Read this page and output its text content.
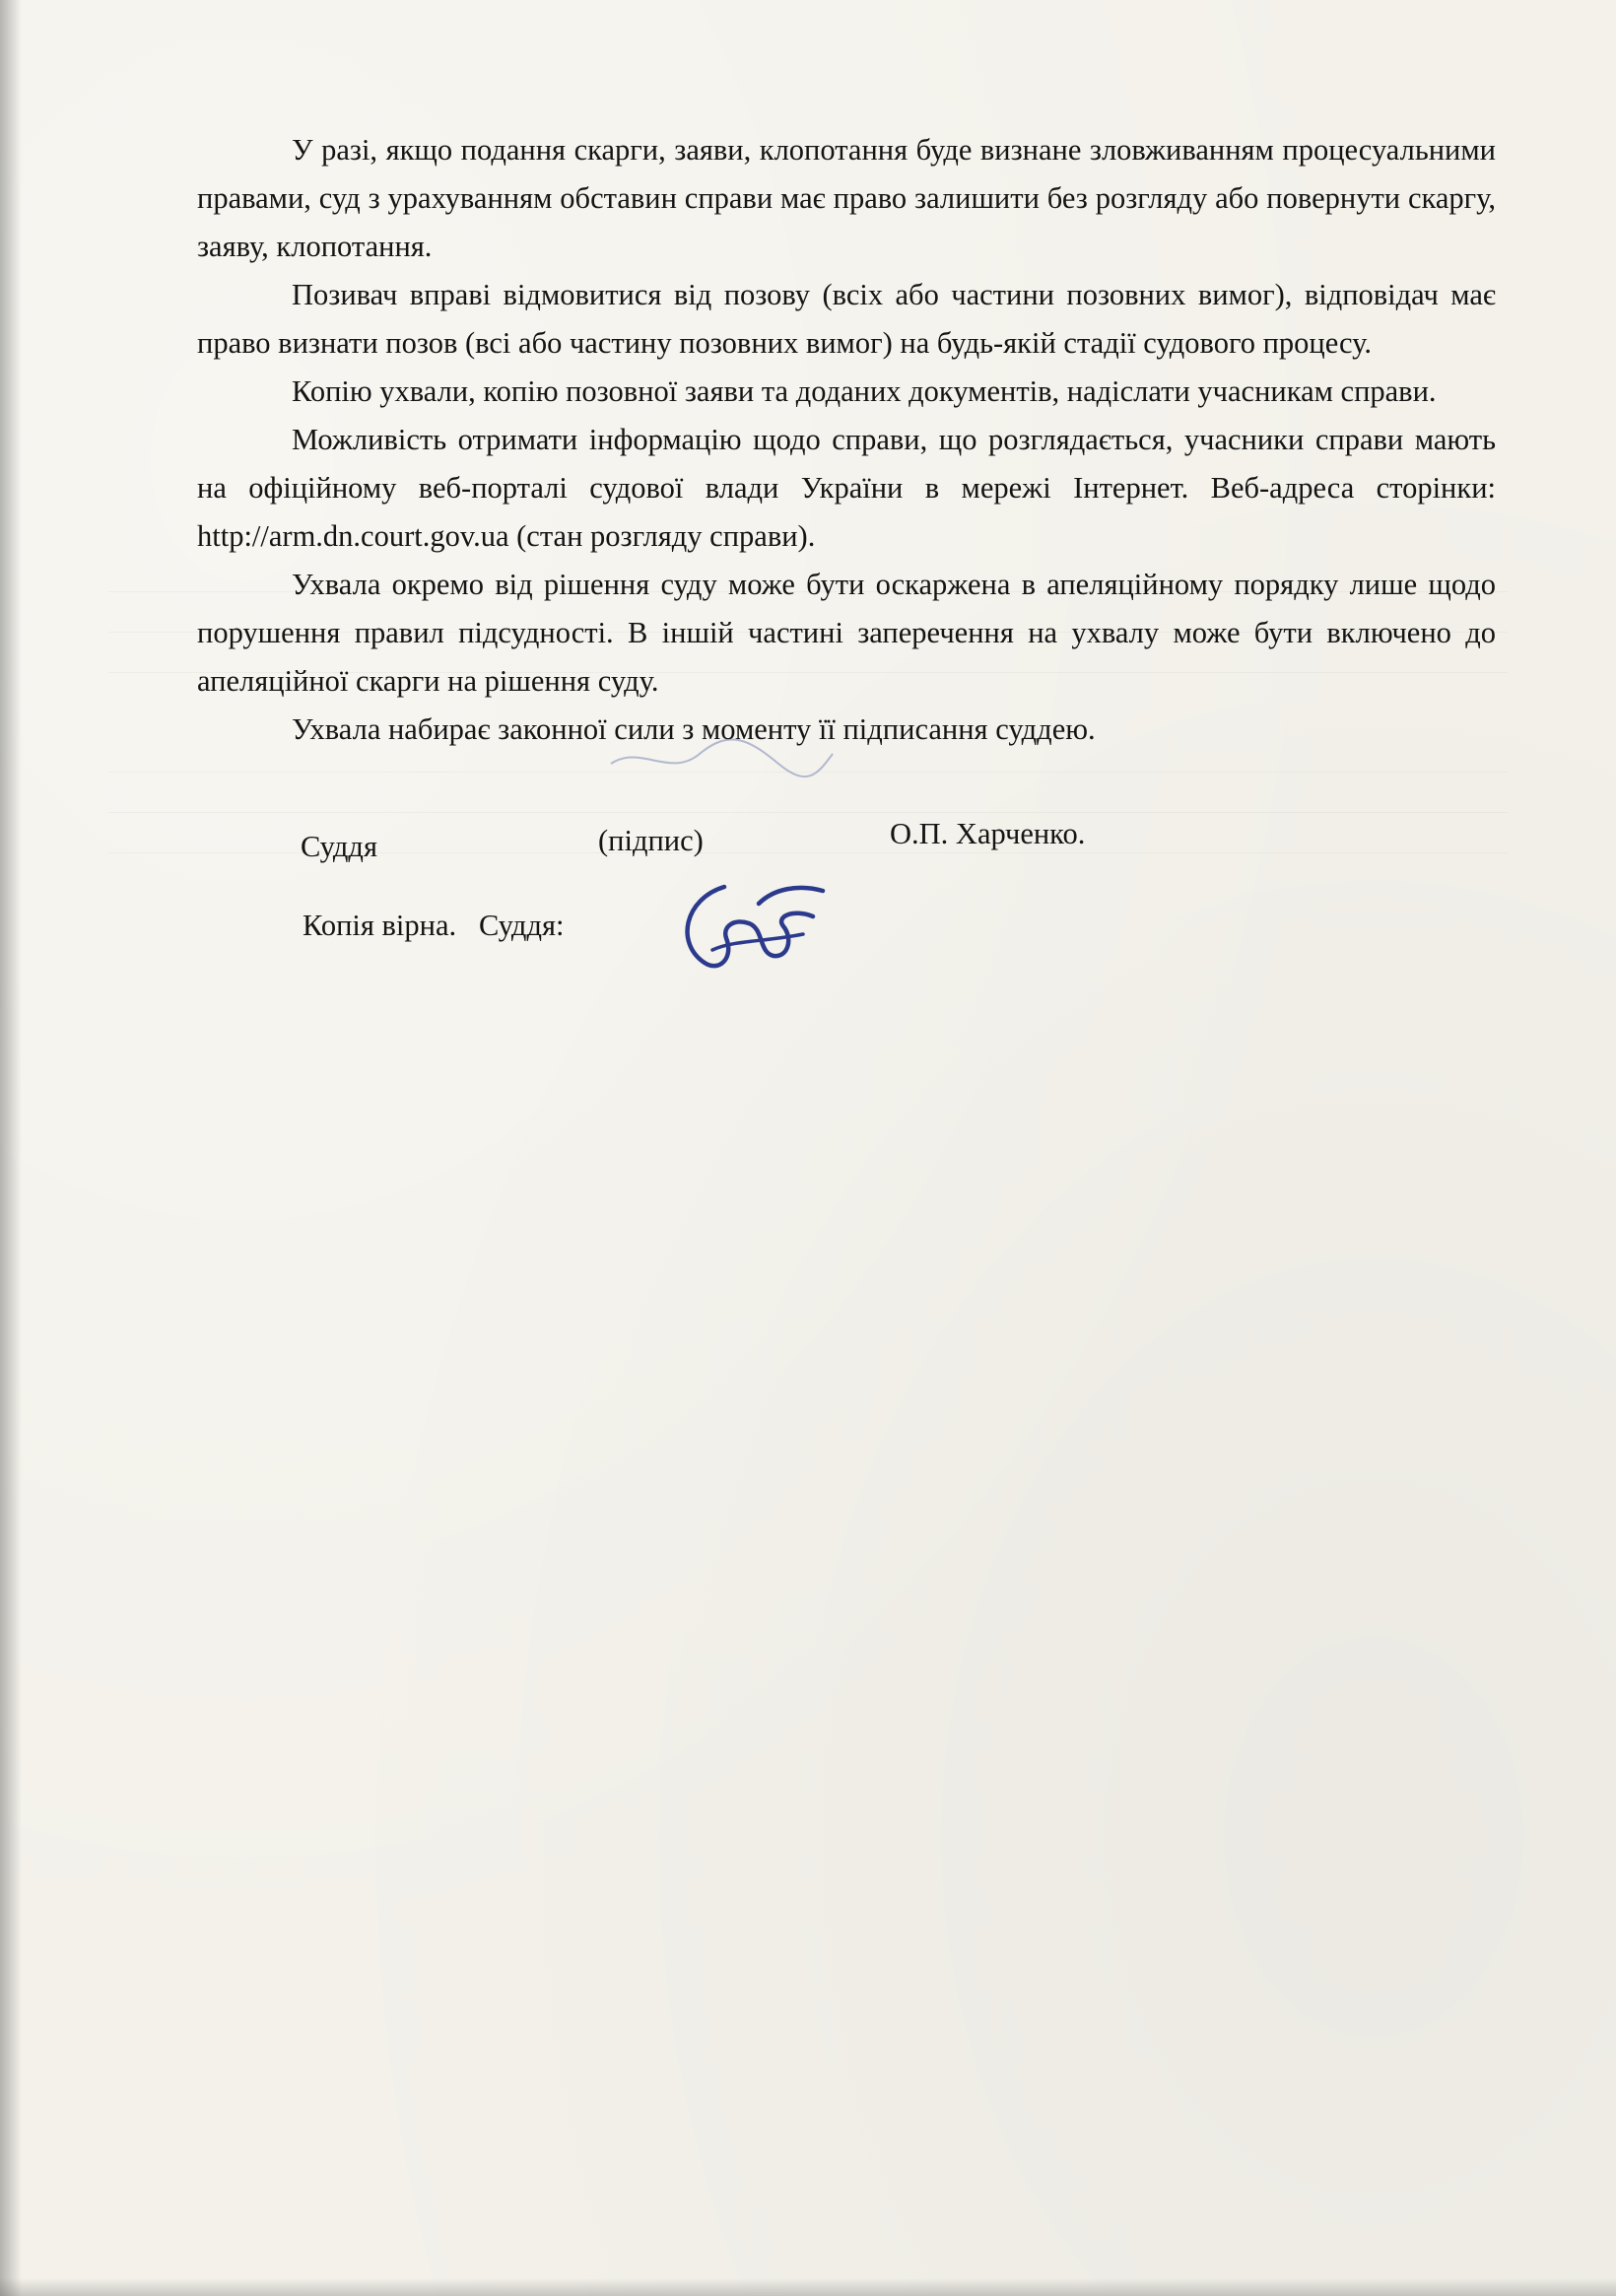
У разі, якщо подання скарги, заяви, клопотання буде визнане зловживанням процесуальними правами, суд з урахуванням обставин справи має право залишити без розгляду або повернути скаргу, заяву, клопотання.

Позивач вправі відмовитися від позову (всіх або частини позовних вимог), відповідач має право визнати позов (всі або частину позовних вимог) на будь-якій стадії судового процесу.

Копію ухвали, копію позовної заяви та доданих документів, надіслати учасникам справи.

Можливість отримати інформацію щодо справи, що розглядається, учасники справи мають на офіційному веб-порталі судової влади України в мережі Інтернет. Веб-адреса сторінки: http://arm.dn.court.gov.ua (стан розгляду справи).

Ухвала окремо від рішення суду може бути оскаржена в апеляційному порядку лише щодо порушення правил підсудності. В іншій частині заперечення на ухвалу може бути включено до апеляційної скарги на рішення суду.

Ухвала набирає законної сили з моменту її підписання суддею.

Суддя	(підпис)	О.П. Харченко.
Копія вірна.   Суддя:
